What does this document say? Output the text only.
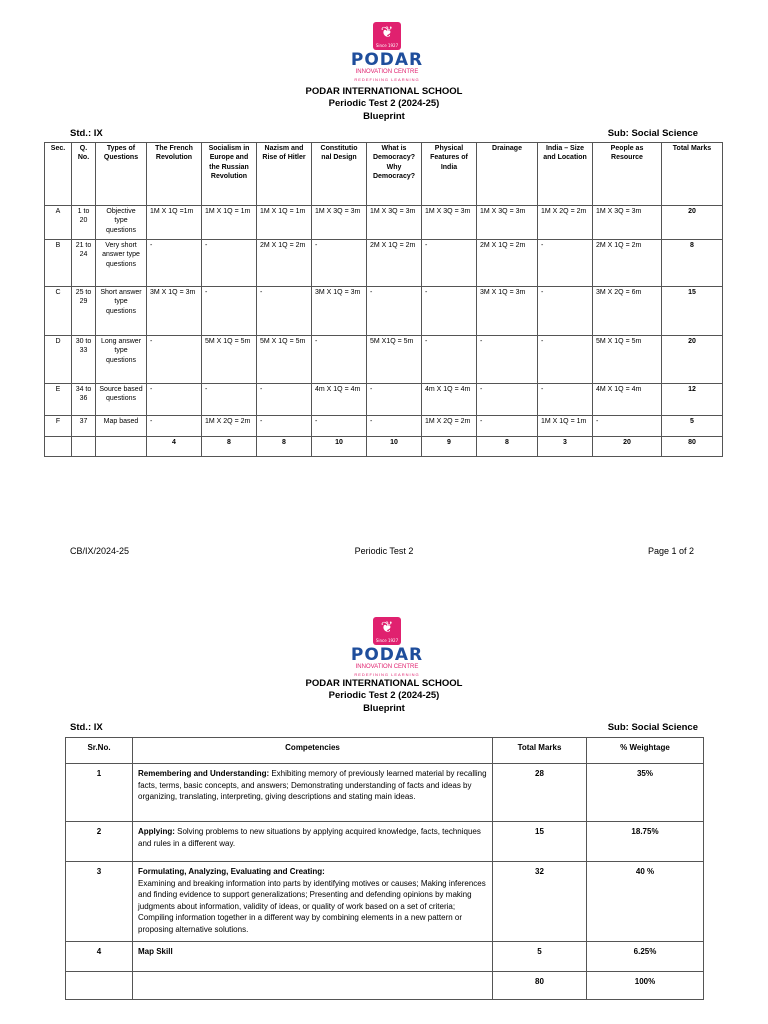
❦
Since 1927
PODAR
INNOVATION CENTRE
REDEFINING LEARNING
PODAR INTERNATIONAL SCHOOL
Periodic Test 2 (2024-25)
Blueprint
Std.: IX	Sub: Social Science
Sec.	Q. No.	Types of Questions	The French Revolution	Socialism in Europe and the Russian Revolution	Nazism and Rise of Hitler	Constitutio nal Design	What is Democracy? Why Democracy?	Physical Features of India	Drainage	India – Size and Location	People as Resource	Total Marks
A	1 to 20	Objective type questions	1M X 1Q =1m	1M X 1Q = 1m	1M X 1Q = 1m	1M X 3Q = 3m	1M X 3Q = 3m	1M X 3Q = 3m	1M X 3Q = 3m	1M X 2Q = 2m	1M X 3Q = 3m	20
B	21 to 24	Very short answer type questions	-	-	2M X 1Q = 2m	-	2M X 1Q = 2m	-	2M X 1Q = 2m	-	2M X 1Q = 2m	8
C	25 to 29	Short answer type questions	3M X 1Q = 3m	-	-	3M X 1Q = 3m	-	-	3M X 1Q = 3m	-	3M X 2Q = 6m	15
D	30 to 33	Long answer type questions	-	5M X 1Q = 5m	5M X 1Q = 5m	-	5M X1Q = 5m	-	-	-	5M X 1Q = 5m	20
E	34 to 36	Source based questions	-	-	-	4m X 1Q = 4m	-	4m X 1Q = 4m	-	-	4M X 1Q = 4m	12
F	37	Map based	-	1M X 2Q = 2m	-	-	-	1M X 2Q = 2m	-	1M X 1Q = 1m	-	5
			4	8	8	10	10	9	8	3	20	80
CB/IX/2024-25	Periodic Test 2	Page 1 of 2
❦
Since 1927
PODAR
INNOVATION CENTRE
REDEFINING LEARNING
PODAR INTERNATIONAL SCHOOL
Periodic Test 2 (2024-25)
Blueprint
Std.: IX	Sub: Social Science
Sr.No.	Competencies	Total Marks	% Weightage
1	Remembering and Understanding: Exhibiting memory of previously learned material by recalling facts, terms, basic concepts, and answers; Demonstrating understanding of facts and ideas by organizing, translating, interpreting, giving descriptions and stating main ideas.	28	35%
2	Applying: Solving problems to new situations by applying acquired knowledge, facts, techniques and rules in a different way.	15	18.75%
3	Formulating, Analyzing, Evaluating and Creating:
Examining and breaking information into parts by identifying motives or causes; Making inferences and finding evidence to support generalizations; Presenting and defending opinions by making judgments about information, validity of ideas, or quality of work based on a set of criteria; Compiling information together in a different way by combining elements in a new pattern or proposing alternative solutions.	32	40 %
4	Map Skill	5	6.25%
		80	100%
